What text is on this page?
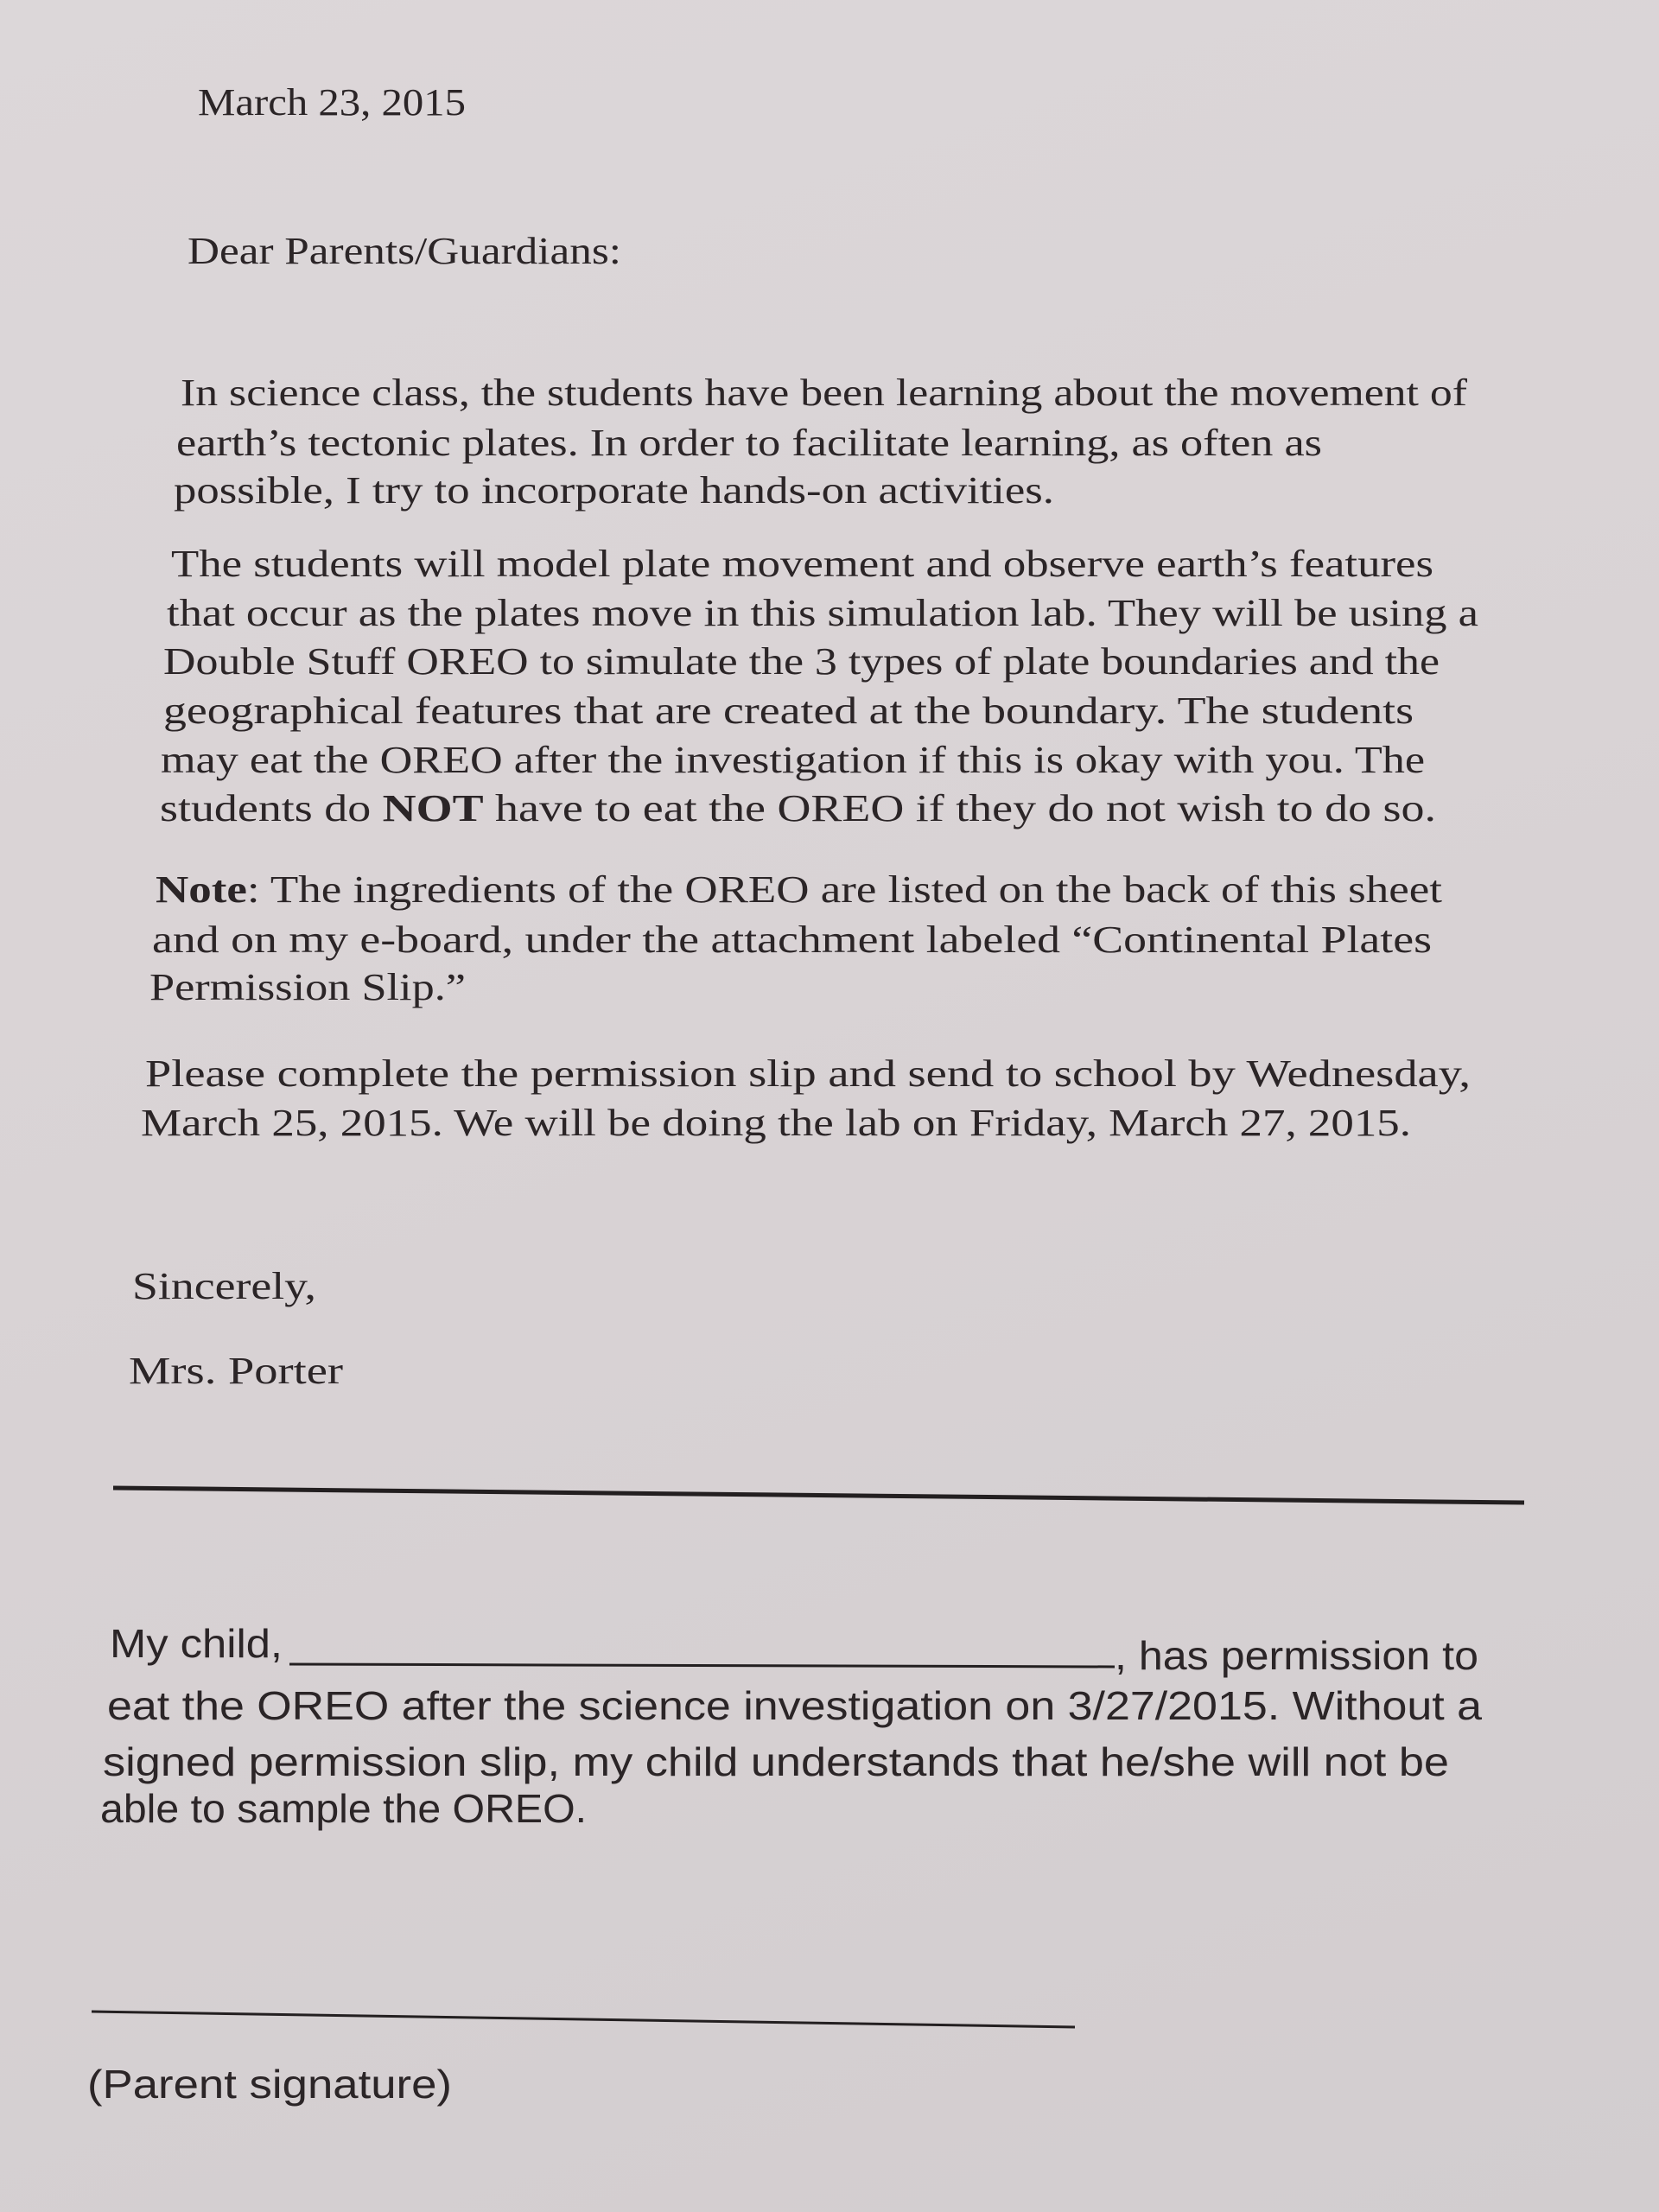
March 23, 2015
Dear Parents/Guardians:
In science class, the students have been learning about the movement of
earth’s tectonic plates. In order to facilitate learning, as often as
possible, I try to incorporate hands-on activities.
The students will model plate movement and observe earth’s features
that occur as the plates move in this simulation lab. They will be using a
Double Stuff OREO to simulate the 3 types of plate boundaries and the
geographical features that are created at the boundary. The students
may eat the OREO after the investigation if this is okay with you. The
students do NOT have to eat the OREO if they do not wish to do so.
Note : The ingredients of the OREO are listed on the back of this sheet
and on my e-board, under the attachment labeled “Continental Plates
Permission Slip.”
Please complete the permission slip and send to school by Wednesday,
March 25, 2015. We will be doing the lab on Friday, March 27, 2015.
Sincerely,
Mrs. Porter
My child,	, has permission to
eat the OREO after the science investigation on 3/27/2015. Without a
signed permission slip, my child understands that he/she will not be
able to sample the OREO.
(Parent signature)
